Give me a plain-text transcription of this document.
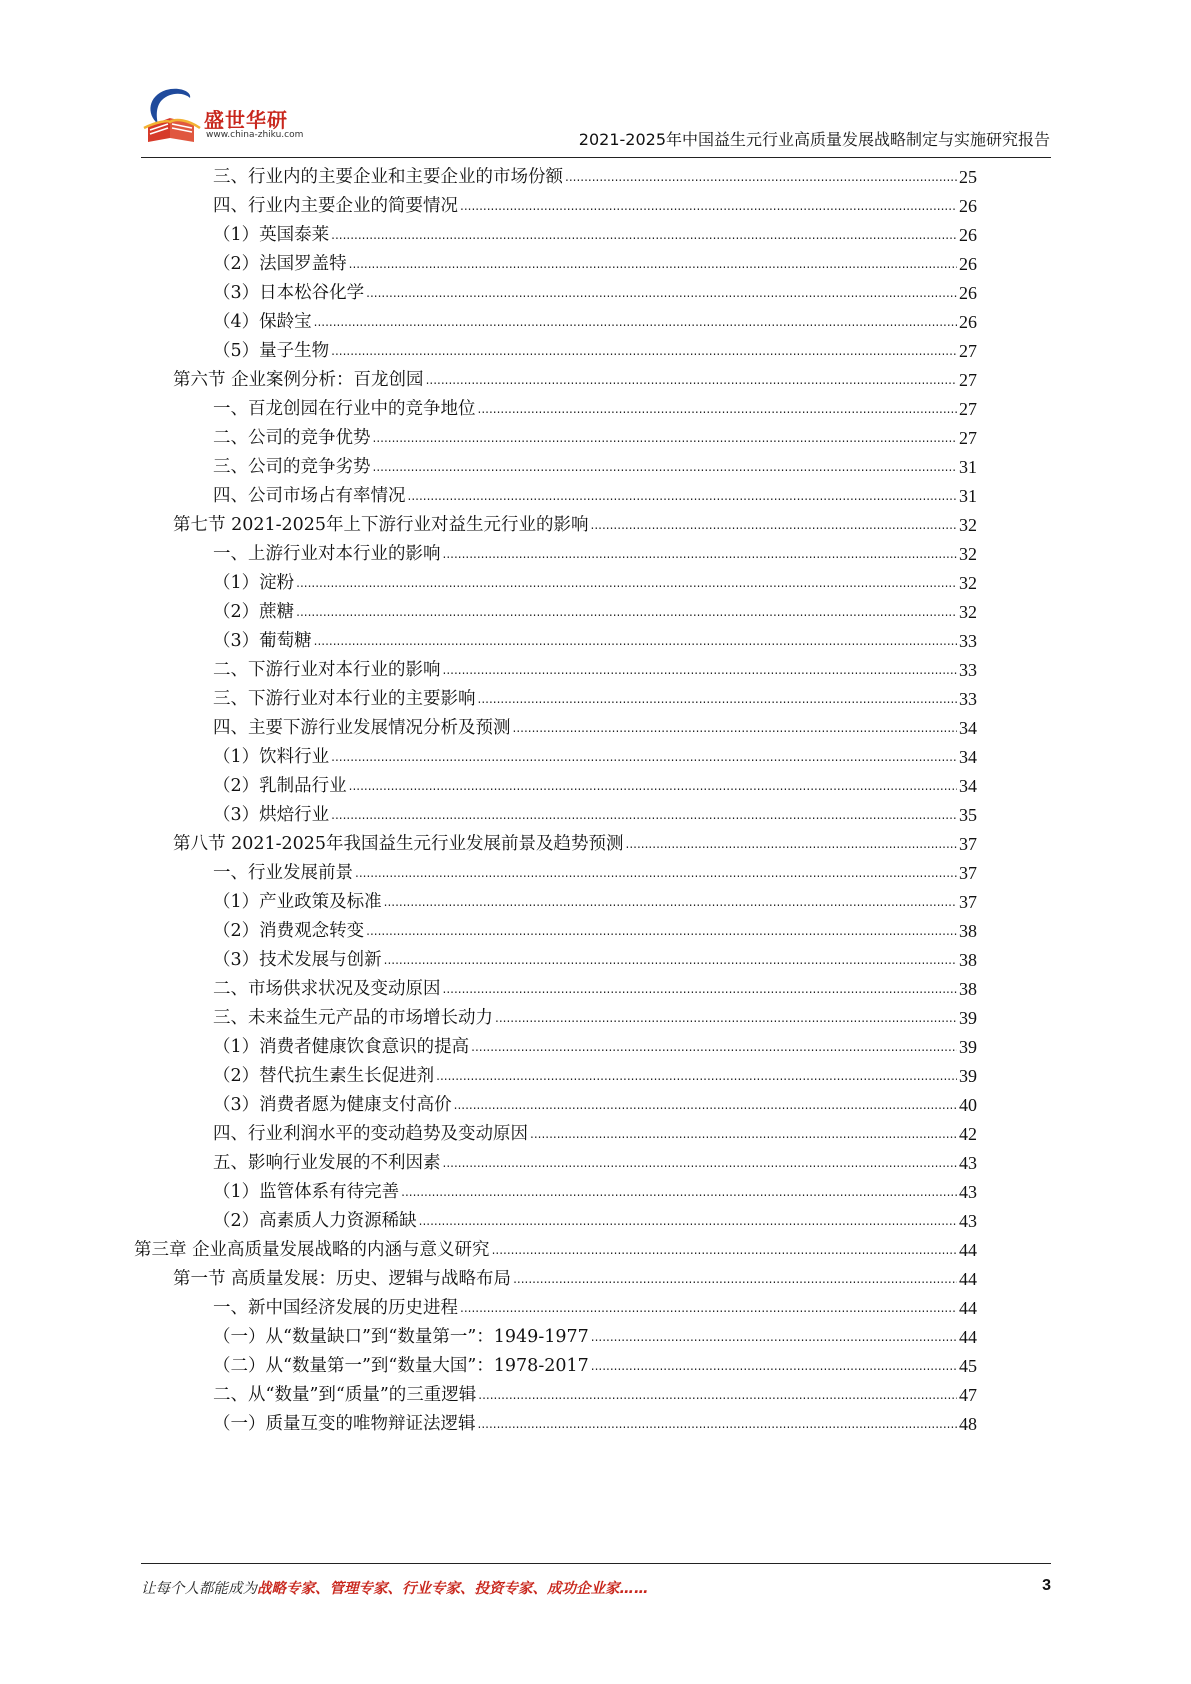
盛世华研
www.china-zhiku.com	2021-2025年中国益生元行业高质量发展战略制定与实施研究报告
三、行业内的主要企业和主要企业的市场份额 .....	25
四、行业内主要企业的简要情况 .....	26
（1）英国泰莱 .....	26
（2）法国罗盖特 .....	26
（3）日本松谷化学 .....	26
（4）保龄宝 .....	26
（5）量子生物 .....	27
第六节 企业案例分析：百龙创园 .....	27
一、百龙创园在行业中的竞争地位 .....	27
二、公司的竞争优势 .....	27
三、公司的竞争劣势 .....	31
四、公司市场占有率情况 .....	31
第七节 2021-2025年上下游行业对益生元行业的影响 .....	32
一、上游行业对本行业的影响 .....	32
（1）淀粉 .....	32
（2）蔗糖 .....	32
（3）葡萄糖 .....	33
二、下游行业对本行业的影响 .....	33
三、下游行业对本行业的主要影响 .....	33
四、主要下游行业发展情况分析及预测 .....	34
（1）饮料行业 .....	34
（2）乳制品行业 .....	34
（3）烘焙行业 .....	35
第八节 2021-2025年我国益生元行业发展前景及趋势预测 .....	37
一、行业发展前景 .....	37
（1）产业政策及标准 .....	37
（2）消费观念转变 .....	38
（3）技术发展与创新 .....	38
二、市场供求状况及变动原因 .....	38
三、未来益生元产品的市场增长动力 .....	39
（1）消费者健康饮食意识的提高 .....	39
（2）替代抗生素生长促进剂 .....	39
（3）消费者愿为健康支付高价 .....	40
四、行业利润水平的变动趋势及变动原因 .....	42
五、影响行业发展的不利因素 .....	43
（1）监管体系有待完善 .....	43
（2）高素质人力资源稀缺 .....	43
第三章 企业高质量发展战略的内涵与意义研究 .....	44
第一节 高质量发展：历史、逻辑与战略布局 .....	44
一、新中国经济发展的历史进程 .....	44
（一）从“数量缺口”到“数量第一”：1949-1977 .....	44
（二）从“数量第一”到“数量大国”：1978-2017 .....	45
二、从“数量”到“质量”的三重逻辑 .....	47
（一）质量互变的唯物辩证法逻辑 .....	48
让每个人都能成为战略专家、管理专家、行业专家、投资专家、成功企业家……	3
